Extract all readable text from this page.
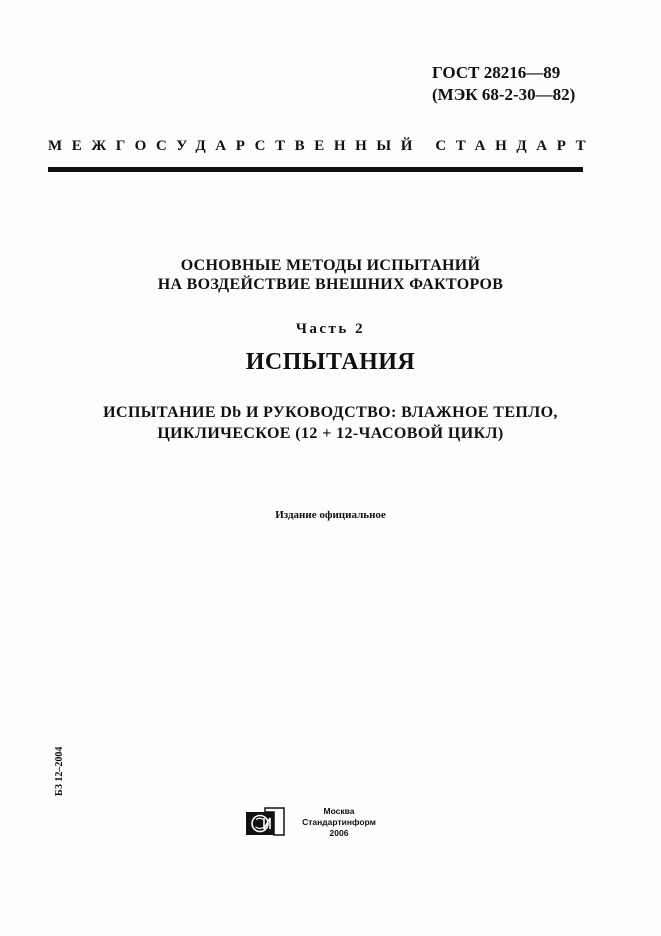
ГОСТ 28216—89
(МЭК 68-2-30—82)
МЕЖГОСУДАРСТВЕННЫЙ СТАНДАРТ
ОСНОВНЫЕ МЕТОДЫ ИСПЫТАНИЙ
НА ВОЗДЕЙСТВИЕ ВНЕШНИХ ФАКТОРОВ
Часть 2
ИСПЫТАНИЯ
ИСПЫТАНИЕ Db И РУКОВОДСТВО: ВЛАЖНОЕ ТЕПЛО,
ЦИКЛИЧЕСКОЕ (12 + 12-ЧАСОВОЙ ЦИКЛ)
Издание официальное
БЗ 12–2004
Москва
Стандартинформ
2006
